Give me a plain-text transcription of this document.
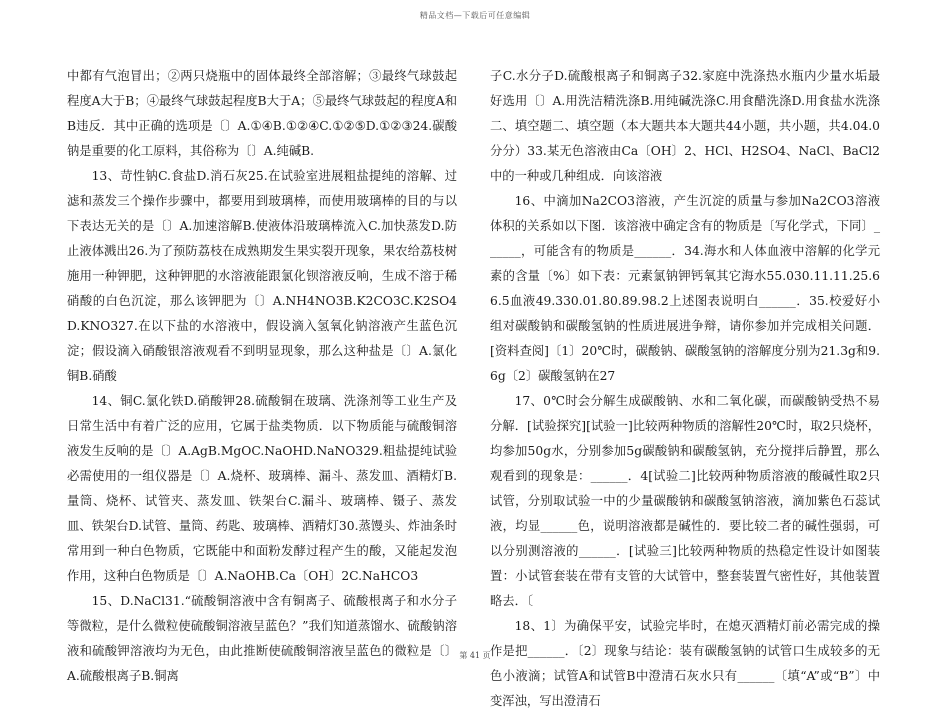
精品文档—下载后可任意编辑

中都有气泡冒出；②两只烧瓶中的固体最终全部溶解；③最终气球鼓起程度A大于B；④最终气球鼓起程度B大于A；⑤最终气球鼓起的程度A和B违反．其中正确的选项是〔〕A.①④B.①②④C.①②⑤D.①②③24.碳酸钠是重要的化工原料，其俗称为〔〕A.纯碱B.

13、苛性钠C.食盐D.消石灰25.在试验室进展粗盐提纯的溶解、过滤和蒸发三个操作步骤中，都要用到玻璃棒，而使用玻璃棒的目的与以下表达无关的是〔〕A.加速溶解B.使液体沿玻璃棒流入C.加快蒸发D.防止液体溅出26.为了预防荔枝在成熟期发生果实裂开现象，果农给荔枝树施用一种钾肥，这种钾肥的水溶液能跟氯化钡溶液反响，生成不溶于稀硝酸的白色沉淀，那么该钾肥为〔〕A.NH4NO3B.K2CO3C.K2SO4D.KNO327.在以下盐的水溶液中，假设滴入氢氧化钠溶液产生蓝色沉淀；假设滴入硝酸银溶液观看不到明显现象，那么这种盐是〔〕A.氯化铜B.硝酸

14、铜C.氯化铁D.硝酸钾28.硫酸铜在玻璃、洗涤剂等工业生产及日常生活中有着广泛的应用，它属于盐类物质．以下物质能与硫酸铜溶液发生反响的是〔〕A.AgB.MgOC.NaOHD.NaNO329.粗盐提纯试验必需使用的一组仪器是〔〕A.烧杯、玻璃棒、漏斗、蒸发皿、酒精灯B.量筒、烧杯、试管夹、蒸发皿、铁架台C.漏斗、玻璃棒、镊子、蒸发皿、铁架台D.试管、量筒、药匙、玻璃棒、酒精灯30.蒸馒头、炸油条时常用到一种白色物质，它既能中和面粉发酵过程产生的酸，又能起发泡作用，这种白色物质是〔〕A.NaOHB.Ca〔OH〕2C.NaHCO3

15、D.NaCl31.“硫酸铜溶液中含有铜离子、硫酸根离子和水分子等微粒，是什么微粒使硫酸铜溶液呈蓝色？”我们知道蒸馏水、硫酸钠溶液和硫酸钾溶液均为无色，由此推断使硫酸铜溶液呈蓝色的微粒是〔〕A.硫酸根离子B.铜离

子C.水分子D.硫酸根离子和铜离子32.家庭中洗涤热水瓶内少量水垢最好选用〔〕A.用洗洁精洗涤B.用纯碱洗涤C.用食醋洗涤D.用食盐水洗涤二、填空题二、填空题（本大题共本大题共44小题，共小题，共4.04.0分分）33.某无色溶液由Ca〔OH〕2、HCl、H2SO4、NaCl、BaCl2中的一种或几种组成．向该溶液

16、中滴加Na2CO3溶液，产生沉淀的质量与参加Na2CO3溶液体积的关系如以下图．该溶液中确定含有的物质是〔写化学式，下同〕______，可能含有的物质是______．34.海水和人体血液中溶解的化学元素的含量〔%〕如下表：元素氯钠钾钙氧其它海水55.030.11.11.25.66.5血液49.330.01.80.89.98.2上述图表说明白______．35.校爱好小组对碳酸钠和碳酸氢钠的性质进展进争辩，请你参加并完成相关问题．[资料查阅]〔1〕20℃时，碳酸钠、碳酸氢钠的溶解度分别为21.3g和9.6g〔2〕碳酸氢钠在27

17、0℃时会分解生成碳酸钠、水和二氧化碳，而碳酸钠受热不易分解．[试验探究][试验一]比较两种物质的溶解性20℃时，取2只烧杯，均参加50g水，分别参加5g碳酸钠和碳酸氢钠，充分搅拌后静置，那么观看到的现象是：______．4[试验二]比较两种物质溶液的酸碱性取2只试管，分别取试验一中的少量碳酸钠和碳酸氢钠溶液，滴加紫色石蕊试液，均显______色，说明溶液都是碱性的．要比较二者的碱性强弱，可以分别测溶液的______．[试验三]比较两种物质的热稳定性设计如图装置：小试管套装在带有支管的大试管中，整套装置气密性好，其他装置略去．〔

18、1〕为确保平安，试验完毕时，在熄灭酒精灯前必需完成的操作是把______．〔2〕现象与结论：装有碳酸氢钠的试管口生成较多的无色小液滴；试管A和试管B中澄清石灰水只有______〔填“A”或“B”〕中变浑浊，写出澄清石

第 41 页
